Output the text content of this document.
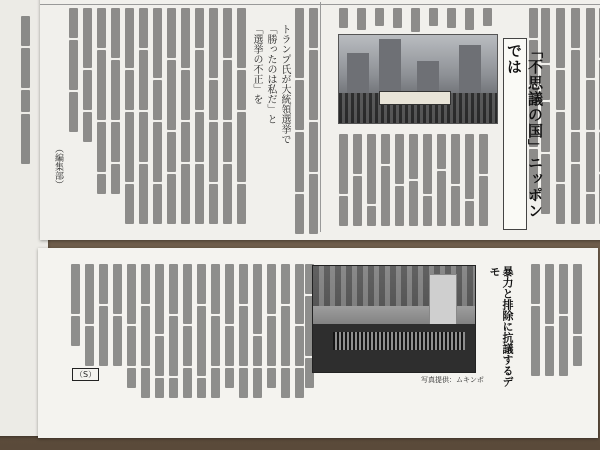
「不思議の国」ニッポンでは
トランプ氏が大統領選挙で
「勝ったのは私だ」と
「選挙の不正」を
（編集部）
（S）
写真提供：ムキンポ	暴力と排除に抗議するデモ
